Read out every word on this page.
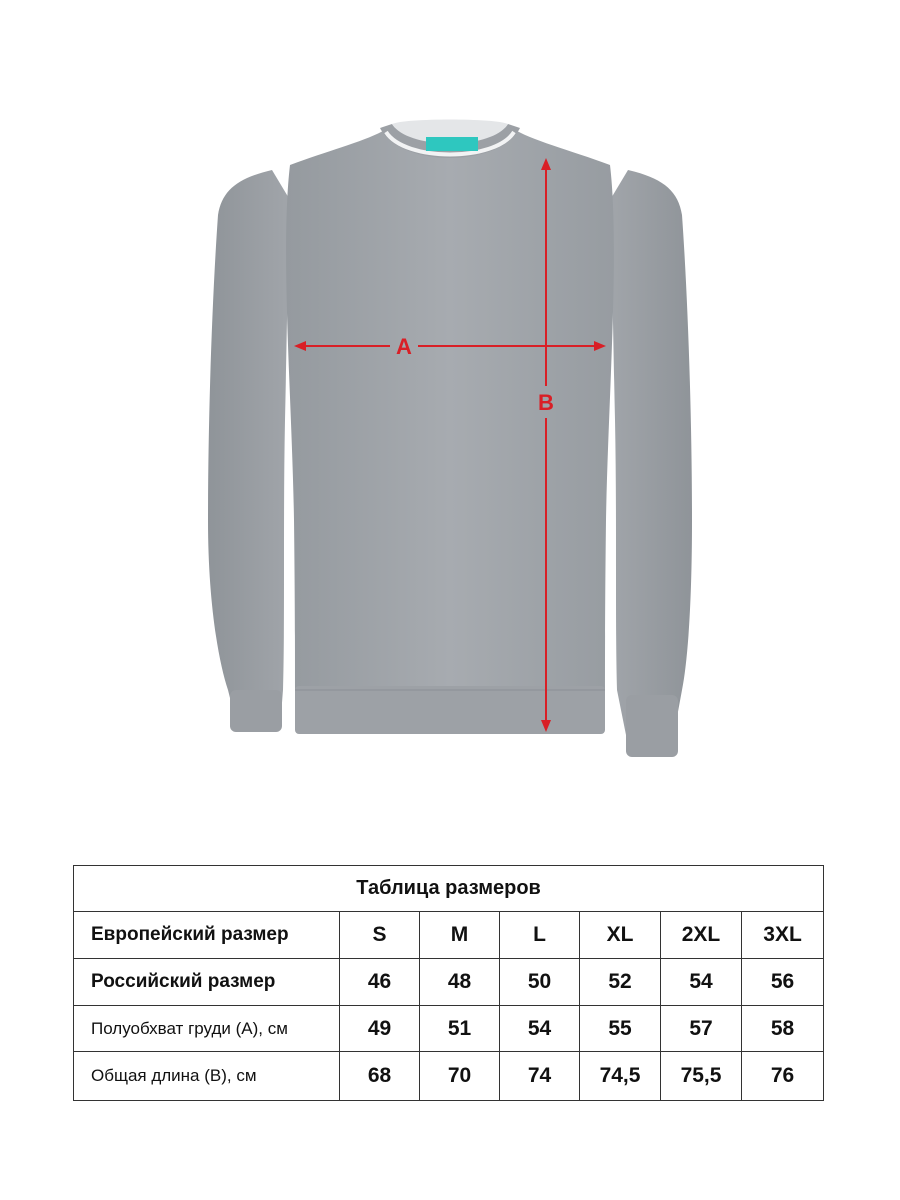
A
B
Таблица размеров						
Европейский размер	S	M	L	XL	2XL	3XL
Российский размер	46	48	50	52	54	56
Полуобхват груди (А), см	49	51	54	55	57	58
Общая длина (В), см	68	70	74	74,5	75,5	76
